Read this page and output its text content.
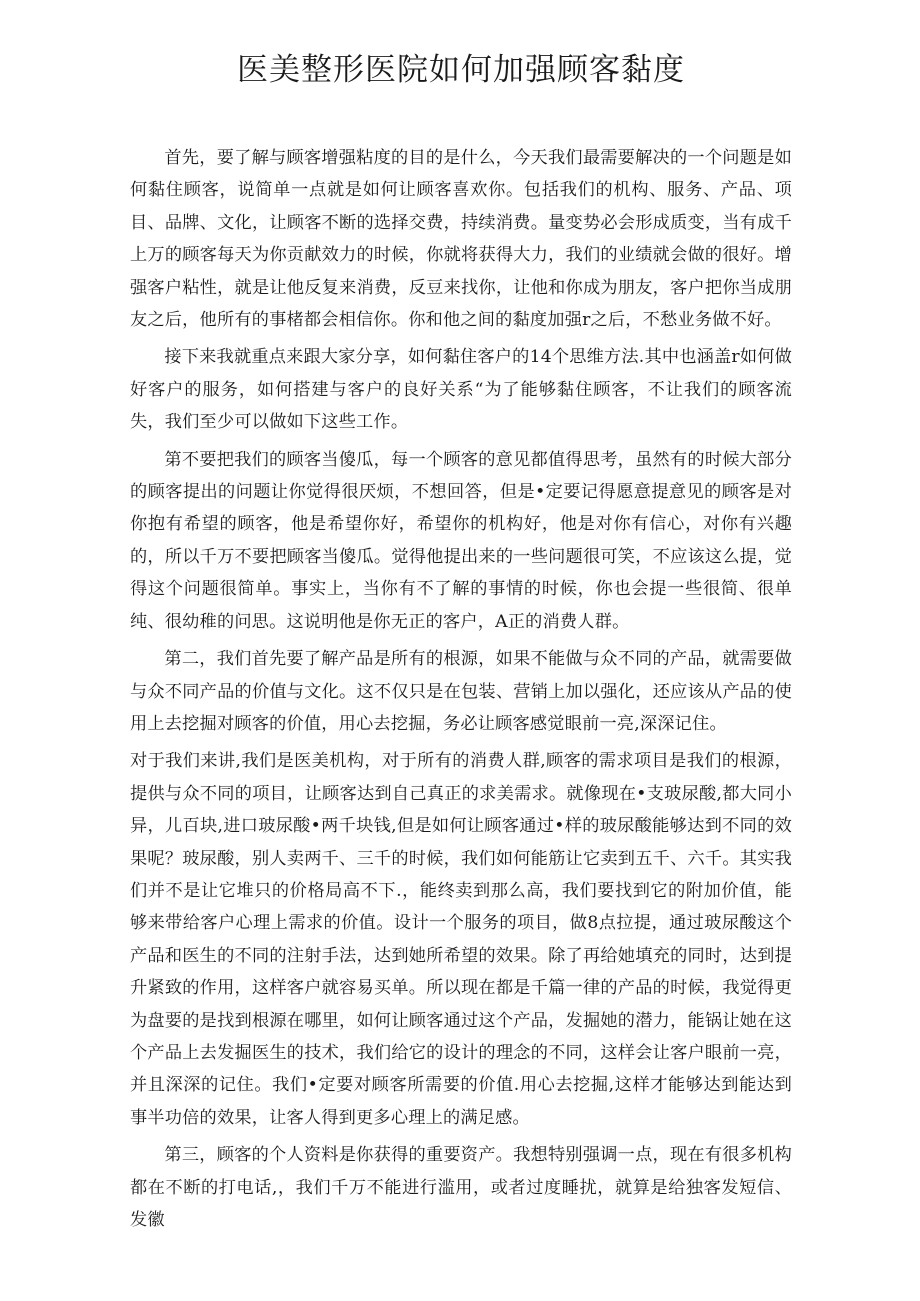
医美整形医院如何加强顾客黏度

首先，要了解与顾客增强粘度的目的是什么，今天我们最需要解决的一个问题是如何黏住顾客，说简单一点就是如何让顾客喜欢你。包括我们的机构、服务、产品、项目、品牌、文化，让顾客不断的选择交费，持续消费。量变势必会形成质变，当有成千上万的顾客每天为你贡献效力的时候，你就将获得大力，我们的业绩就会做的很好。增强客户粘性，就是让他反复来消费，反豆来找你，让他和你成为朋友，客户把你当成朋友之后，他所有的事楮都会相信你。你和他之间的黏度加强r之后，不愁业务做不好。

接下来我就重点来跟大家分享，如何黏住客户的14个思维方法.其中也涵盖r如何做好客户的服务，如何搭建与客户的良好关系“为了能够黏住顾客，不让我们的顾客流失，我们至少可以做如下这些工作。

第不要把我们的顾客当傻瓜，每一个顾客的意见都值得思考，虽然有的时候大部分的顾客提出的问题让你觉得很厌烦，不想回答，但是•定要记得愿意提意见的顾客是对你抱有希望的顾客，他是希望你好，希望你的机构好，他是对你有信心，对你有兴趣的，所以千万不要把顾客当傻瓜。觉得他提出来的一些问题很可笑，不应该这么提，觉得这个问题很简单。事实上，当你有不了解的事情的时候，你也会提一些很简、很单纯、很幼稚的问思。这说明他是你无正的客户，A正的消费人群。

第二，我们首先要了解产品是所有的根源，如果不能做与众不同的产品，就需要做与众不同产品的价值与文化。这不仅只是在包装、营销上加以强化，还应该从产品的使用上去挖掘对顾客的价值，用心去挖掘，务必让顾客感觉眼前一亮,深深记住。

对于我们来讲,我们是医美机构，对于所有的消费人群,顾客的需求项目是我们的根源，提供与众不同的项目，让顾客达到自己真正的求美需求。就像现在•支玻尿酸,都大同小异，儿百块,进口玻尿酸•两千块钱,但是如何让顾客通过•样的玻尿酸能够达到不同的效果呢？玻尿酸，别人卖两千、三千的时候，我们如何能筋让它卖到五千、六千。其实我们并不是让它堆只的价格局高不下.，能终卖到那么高，我们要找到它的附加价值，能够来带给客户心理上需求的价值。设计一个服务的项目，做8点拉提，通过玻尿酸这个产品和医生的不同的注射手法，达到她所希望的效果。除了再给她填充的同时，达到提升紧致的作用，这样客户就容易买单。所以现在都是千篇一律的产品的时候，我觉得更为盘要的是找到根源在哪里，如何让顾客通过这个产品，发掘她的潜力，能锅让她在这个产品上去发掘医生的技术，我们给它的设计的理念的不同，这样会让客户眼前一亮，并且深深的记住。我们•定要对顾客所需要的价值.用心去挖掘,这样才能够达到能达到事半功倍的效果，让客人得到更多心理上的满足感。

第三，顾客的个人资料是你获得的重要资产。我想特别强调一点，现在有很多机构都在不断的打电话,，我们千万不能进行滥用，或者过度睡扰，就算是给独客发短信、发徽
